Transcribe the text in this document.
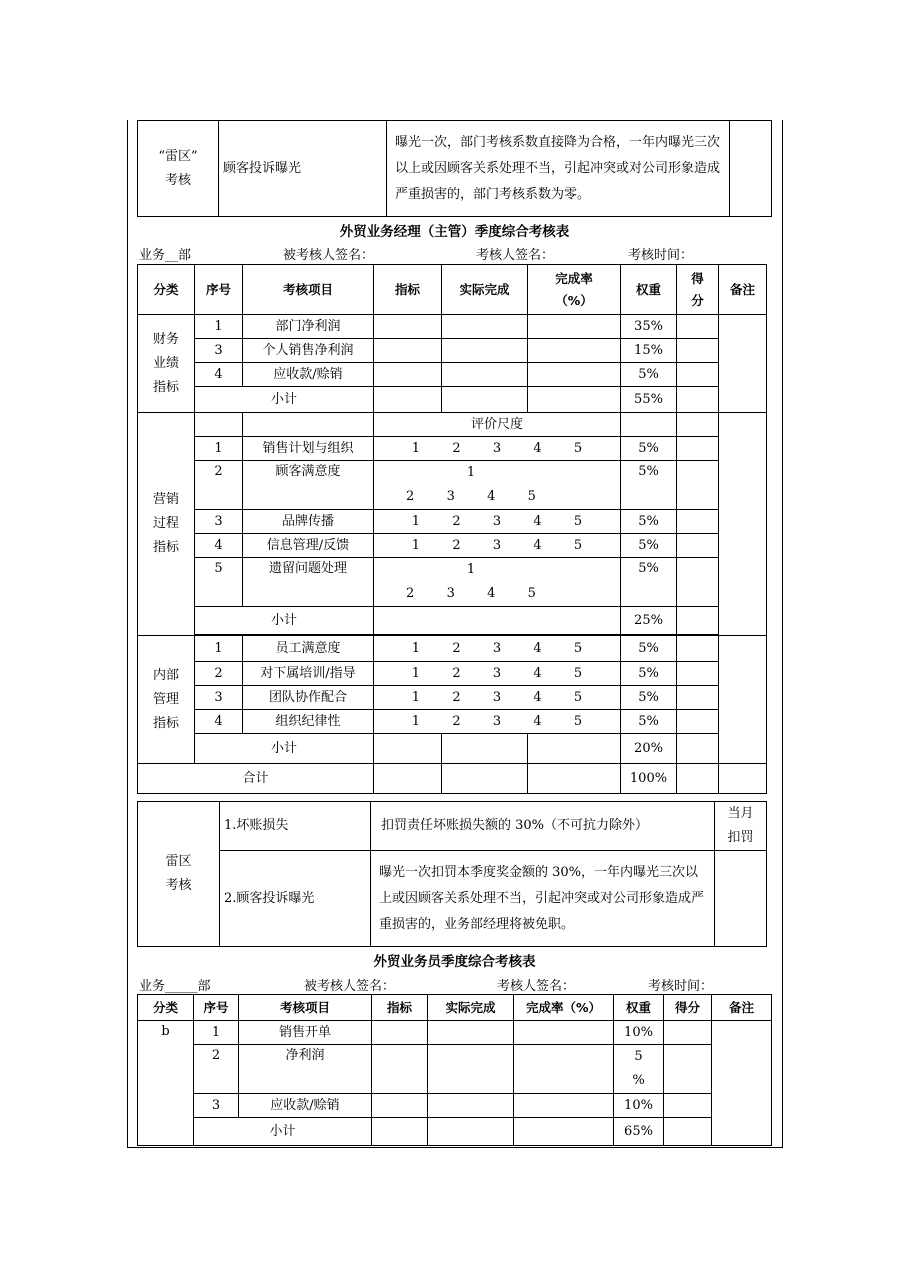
“雷区”
考核	顾客投诉曝光	曝光一次，部门考核系数直接降为合格，一年内曝光三次以上或因顾客关系处理不当，引起冲突或对公司形象造成严重损害的，部门考核系数为零。	
外贸业务经理（主管）季度综合考核表
业务__部	被考核人签名：	考核人签名：	考核时间：
分类	序号	考核项目	指标	实际完成	完成率
（%）	权重	得
分	备注
财务
业绩
指标	1	部门净利润				35%		
	3	个人销售净利润				15%		
	4	应收款/赊销				5%		
	小计					55%		
营销
过程
指标			评价尺度					
	1	销售计划与组织	1  2  3  4  5			5%		
	2	顾客满意度	1
2  3  4  5			5%		
	3	品牌传播	1  2  3  4  5			5%		
	4	信息管理/反馈	1  2  3  4  5			5%		
	5	遗留问题处理	1
2  3  4  5			5%		
	小计					25%		

内部
管理
指标	1	员工满意度	1  2  3  4  5			5%		
	2	对下属培训/指导	1  2  3  4  5			5%		
	3	团队协作配合	1  2  3  4  5			5%		
	4	组织纪律性	1  2  3  4  5			5%		
	小计					20%		
合计						100%		
雷区
考核	1.坏账损失	扣罚责任坏账损失额的 30%（不可抗力除外）	当月
扣罚
	2.顾客投诉曝光	曝光一次扣罚本季度奖金额的 30%，一年内曝光三次以上或因顾客关系处理不当，引起冲突或对公司形象造成严重损害的，业务部经理将被免职。	
外贸业务员季度综合考核表
业务_____部	被考核人签名：	考核人签名：	考核时间：
分类	序号	考核项目	指标	实际完成	完成率（%）	权重	得分	备注
b	1	销售开单				10%		
	2	净利润				5
%		
	3	应收款/赊销				10%		
	小计					65%		
